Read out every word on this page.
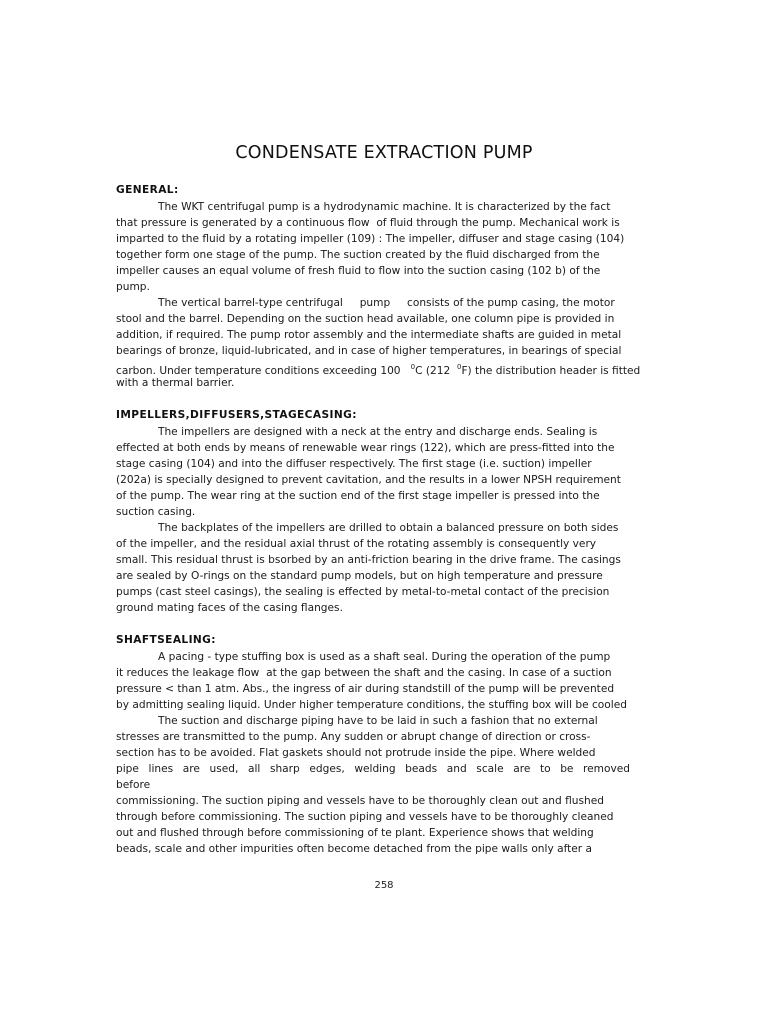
CONDENSATE EXTRACTION PUMP
GENERAL:
The WKT centrifugal pump is a hydrodynamic machine. It is characterized by the fact
that pressure is generated by a continuous flow  of fluid through the pump. Mechanical work is
imparted to the fluid by a rotating impeller (109) : The impeller, diffuser and stage casing (104)
together form one stage of the pump. The suction created by the fluid discharged from the
impeller causes an equal volume of fresh fluid to flow into the suction casing (102 b) of the
pump.
The vertical barrel-type centrifugal     pump     consists of the pump casing, the motor
stool and the barrel. Depending on the suction head available, one column pipe is provided in
addition, if required. The pump rotor assembly and the intermediate shafts are guided in metal
bearings of bronze, liquid-lubricated, and in case of higher temperatures, in bearings of special
carbon. Under temperature conditions exceeding 100   $^0$C (212  $^0$F) the distribution header is fitted
with a thermal barrier.
IMPELLERS,DIFFUSERS,STAGECASING:
The impellers are designed with a neck at the entry and discharge ends. Sealing is
effected at both ends by means of renewable wear rings (122), which are press-fitted into the
stage casing (104) and into the diffuser respectively. The first stage (i.e. suction) impeller
(202a) is specially designed to prevent cavitation, and the results in a lower NPSH requirement
of the pump. The wear ring at the suction end of the first stage impeller is pressed into the
suction casing.
The backplates of the impellers are drilled to obtain a balanced pressure on both sides
of the impeller, and the residual axial thrust of the rotating assembly is consequently very
small. This residual thrust is bsorbed by an anti-friction bearing in the drive frame. The casings
are sealed by O-rings on the standard pump models, but on high temperature and pressure
pumps (cast steel casings), the sealing is effected by metal-to-metal contact of the precision
ground mating faces of the casing flanges.
SHAFTSEALING:
A pacing - type stuffing box is used as a shaft seal. During the operation of the pump
it reduces the leakage flow  at the gap between the shaft and the casing. In case of a suction
pressure < than 1 atm. Abs., the ingress of air during standstill of the pump will be prevented
by admitting sealing liquid. Under higher temperature conditions, the stuffing box will be cooled
The suction and discharge piping have to be laid in such a fashion that no external
stresses are transmitted to the pump. Any sudden or abrupt change of direction or cross-
section has to be avoided. Flat gaskets should not protrude inside the pipe. Where welded
pipe lines are used, all sharp edges, welding beads and scale are to be removed
before
commissioning. The suction piping and vessels have to be thoroughly clean out and flushed
through before commissioning. The suction piping and vessels have to be thoroughly cleaned
out and flushed through before commissioning of te plant. Experience shows that welding
beads, scale and other impurities often become detached from the pipe walls only after a
258
